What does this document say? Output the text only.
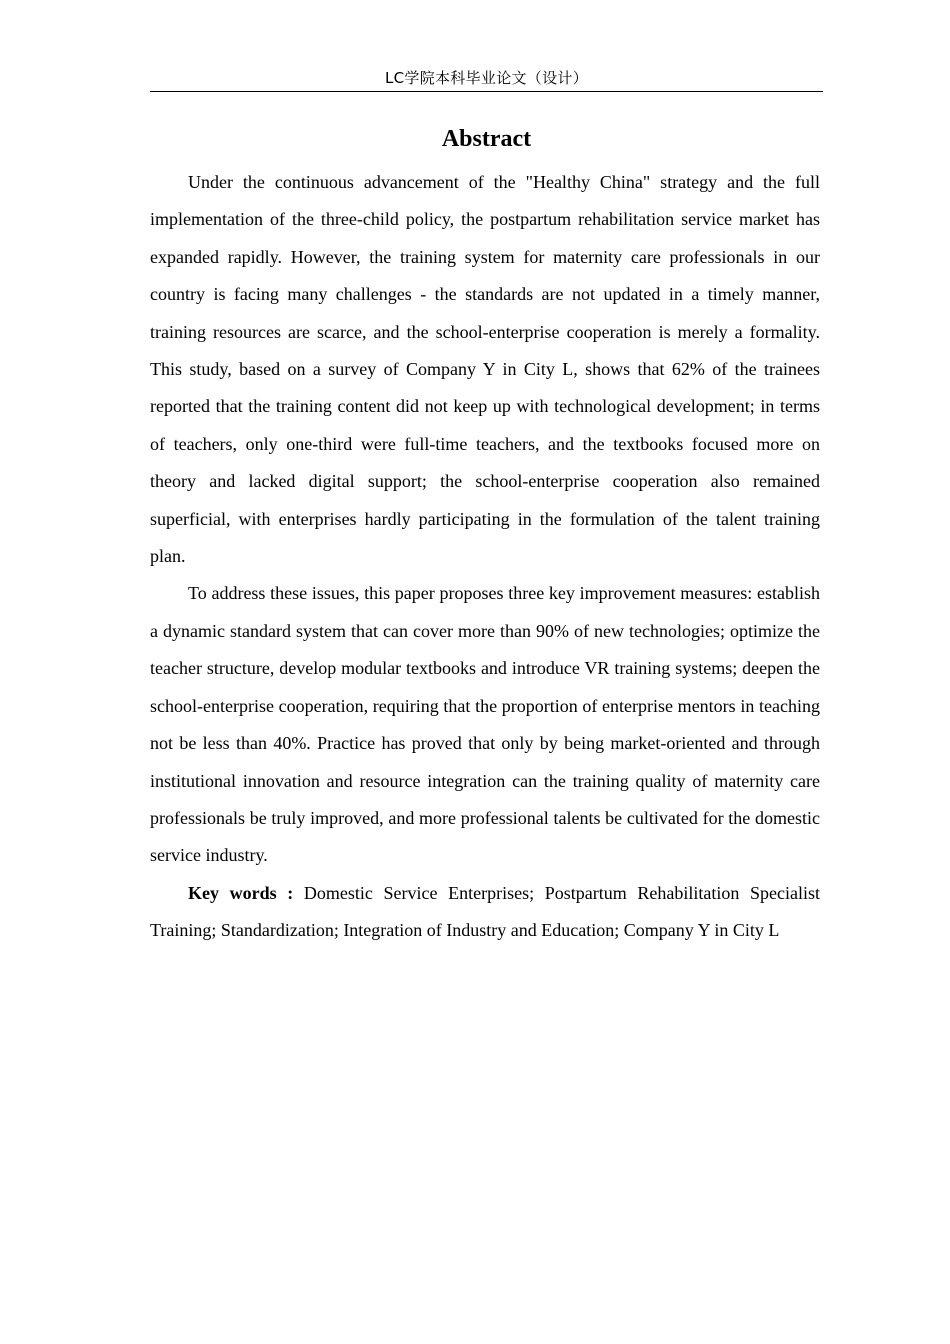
LC学院本科毕业论文（设计）
Abstract

Under the continuous advancement of the "Healthy China" strategy and the full implementation of the three-child policy, the postpartum rehabilitation service market has expanded rapidly. However, the training system for maternity care professionals in our country is facing many challenges - the standards are not updated in a timely manner, training resources are scarce, and the school-enterprise cooperation is merely a formality. This study, based on a survey of Company Y in City L, shows that 62% of the trainees reported that the training content did not keep up with technological development; in terms of teachers, only one-third were full-time teachers, and the textbooks focused more on theory and lacked digital support; the school-enterprise cooperation also remained superficial, with enterprises hardly participating in the formulation of the talent training plan.

To address these issues, this paper proposes three key improvement measures: establish a dynamic standard system that can cover more than 90% of new technologies; optimize the teacher structure, develop modular textbooks and introduce VR training systems; deepen the school-enterprise cooperation, requiring that the proportion of enterprise mentors in teaching not be less than 40%. Practice has proved that only by being market-oriented and through institutional innovation and resource integration can the training quality of maternity care professionals be truly improved, and more professional talents be cultivated for the domestic service industry.

Key words : Domestic Service Enterprises; Postpartum Rehabilitation Specialist Training; Standardization; Integration of Industry and Education; Company Y in City L
